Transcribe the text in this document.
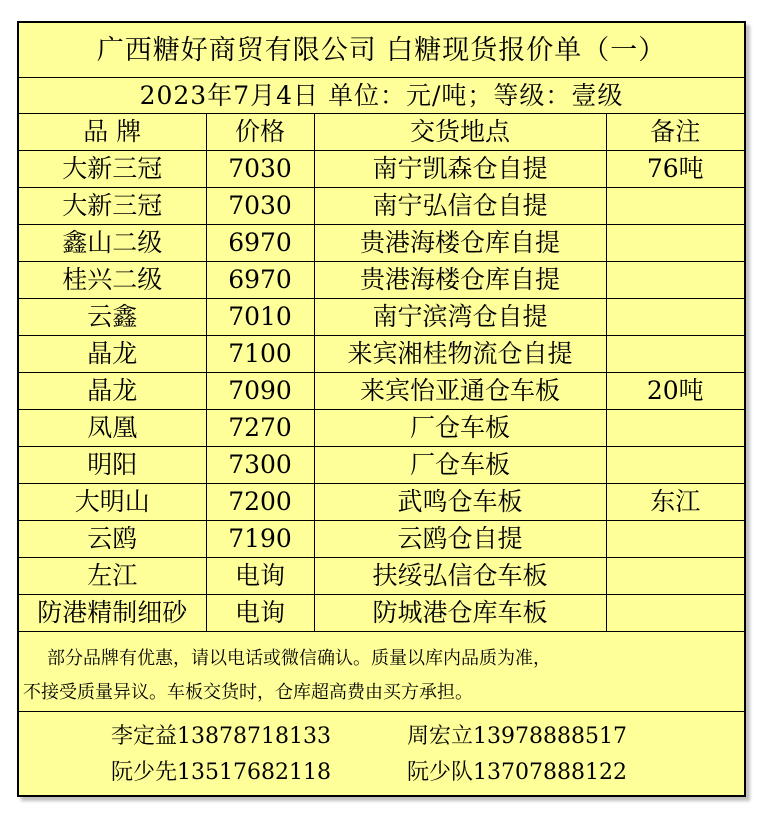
广西糖好商贸有限公司 白糖现货报价单（一）
2023年7月4日 单位：元/吨；等级：壹级
品 牌	价格	交货地点	备注
大新三冠	7030	南宁凯森仓自提	76吨
大新三冠	7030	南宁弘信仓自提	
鑫山二级	6970	贵港海楼仓库自提	
桂兴二级	6970	贵港海楼仓库自提	
云鑫	7010	南宁滨湾仓自提	
晶龙	7100	来宾湘桂物流仓自提	
晶龙	7090	来宾怡亚通仓车板	20吨
凤凰	7270	厂仓车板	
明阳	7300	厂仓车板	
大明山	7200	武鸣仓车板	东江
云鸥	7190	云鸥仓自提	
左江	电询	扶绥弘信仓车板	
防港精制细砂	电询	防城港仓库车板	
部分品牌有优惠，请以电话或微信确认。质量以库内品质为准，
不接受质量异议。车板交货时，仓库超高费由买方承担。
李定益13878718133	周宏立13978888517
阮少先13517682118	阮少队13707888122
